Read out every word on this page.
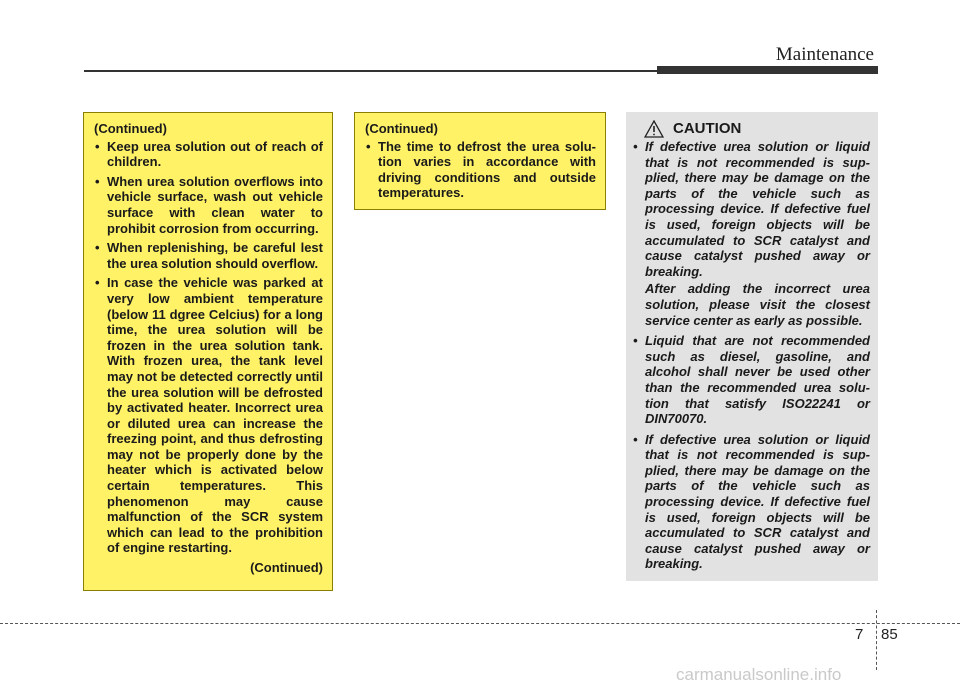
Maintenance
(Continued)
• Keep urea solution out of reach of children.
• When urea solution overflows into vehicle surface, wash out vehicle surface with clean water to prohibit corrosion from occurring.
• When replenishing, be careful lest the urea solution should overflow.
• In case the vehicle was parked at very low ambient temperature (below 11 dgree Celcius) for a long time, the urea solution will be frozen in the urea solution tank. With frozen urea, the tank level may not be detected correctly until the urea solution will be defrosted by activated heater. Incorrect urea or diluted urea can increase the freezing point, and thus defrosting may not be properly done by the heater which is activated below certain temperatures. This phenomenon may cause malfunction of the SCR system which can lead to the prohibition of engine restarting.
(Continued)
(Continued)
• The time to defrost the urea solution varies in accordance with driving conditions and outside temperatures.
CAUTION
• If defective urea solution or liquid that is not recommended is supplied, there may be damage on the parts of the vehicle such as processing device. If defective fuel is used, foreign objects will be accumulated to SCR catalyst and cause catalyst pushed away or breaking.
After adding the incorrect urea solution, please visit the closest service center as early as possible.
• Liquid that are not recommended such as diesel, gasoline, and alcohol shall never be used other than the recommended urea solution that satisfy ISO22241 or DIN70070.
• If defective urea solution or liquid that is not recommended is supplied, there may be damage on the parts of the vehicle such as processing device. If defective fuel is used, foreign objects will be accumulated to SCR catalyst and cause catalyst pushed away or breaking.
7 85
carmanualsonline.info
